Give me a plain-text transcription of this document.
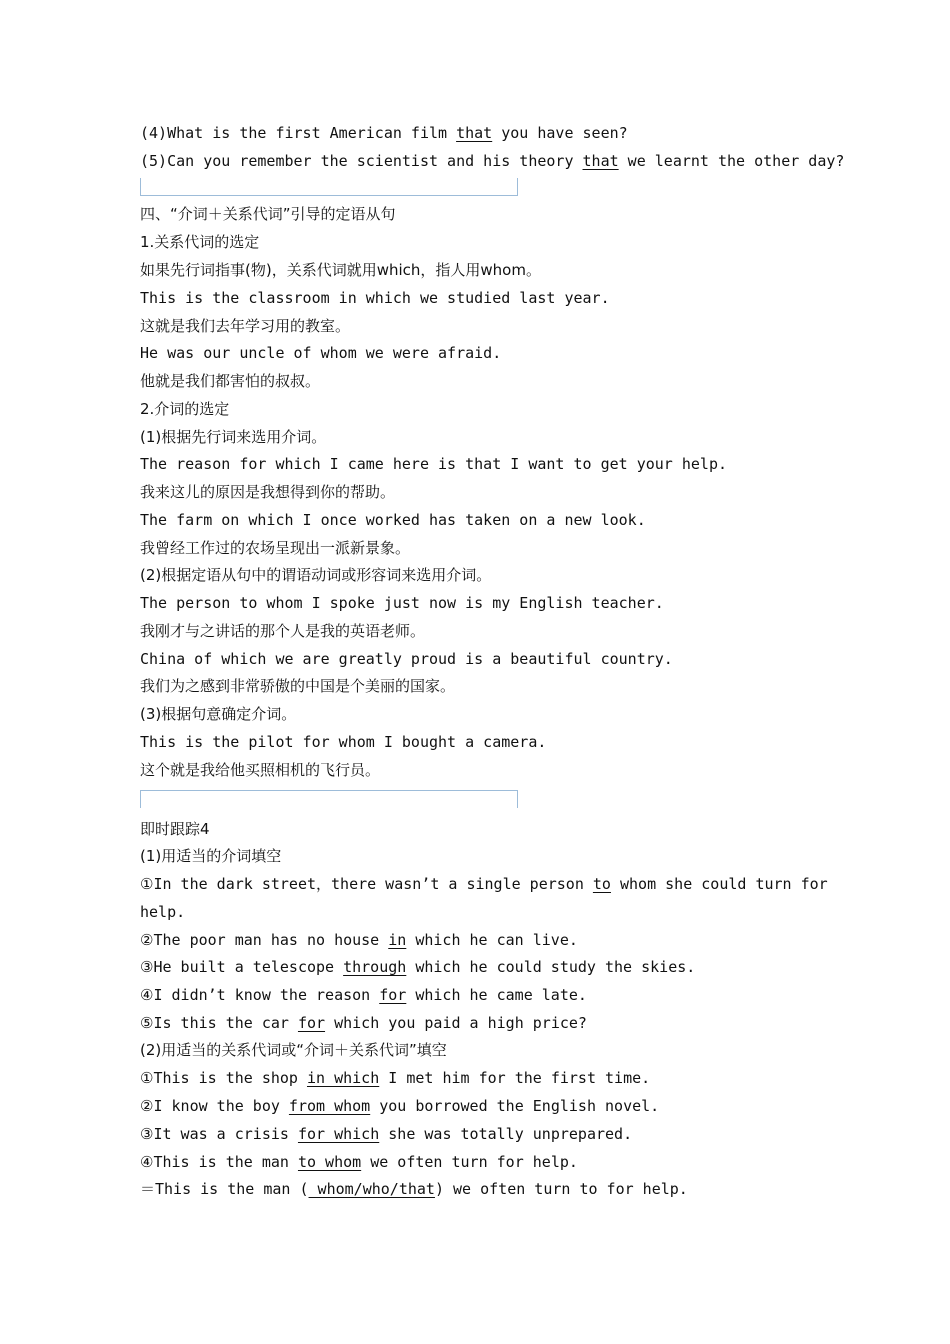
(4)What is the first American film that you have seen?
(5)Can you remember the scientist and his theory that we learnt the other day?
四、“介词＋关系代词”引导的定语从句
1.关系代词的选定
如果先行词指事(物)，关系代词就用which，指人用whom。
This is the classroom in which we studied last year.
这就是我们去年学习用的教室。
He was our uncle of whom we were afraid.
他就是我们都害怕的叔叔。
2.介词的选定
(1)根据先行词来选用介词。
The reason for which I came here is that I want to get your help.
我来这儿的原因是我想得到你的帮助。
The farm on which I once worked has taken on a new look.
我曾经工作过的农场呈现出一派新景象。
(2)根据定语从句中的谓语动词或形容词来选用介词。
The person to whom I spoke just now is my English teacher.
我刚才与之讲话的那个人是我的英语老师。
China of which we are greatly proud is a beautiful country.
我们为之感到非常骄傲的中国是个美丽的国家。
(3)根据句意确定介词。
This is the pilot for whom I bought a camera.
这个就是我给他买照相机的飞行员。
即时跟踪4
(1)用适当的介词填空
①In the dark street，there wasn’t a single person to whom she could turn for
help.
②The poor man has no house in which he can live.
③He built a telescope through which he could study the skies.
④I didn’t know the reason for which he came late.
⑤Is this the car for which you paid a high price?
(2)用适当的关系代词或“介词＋关系代词”填空
①This is the shop in which I met him for the first time.
②I know the boy from whom you borrowed the English novel.
③It was a crisis for which she was totally unprepared.
④This is the man to whom we often turn for help.
＝This is the man ( whom/who/that) we often turn to for help.
